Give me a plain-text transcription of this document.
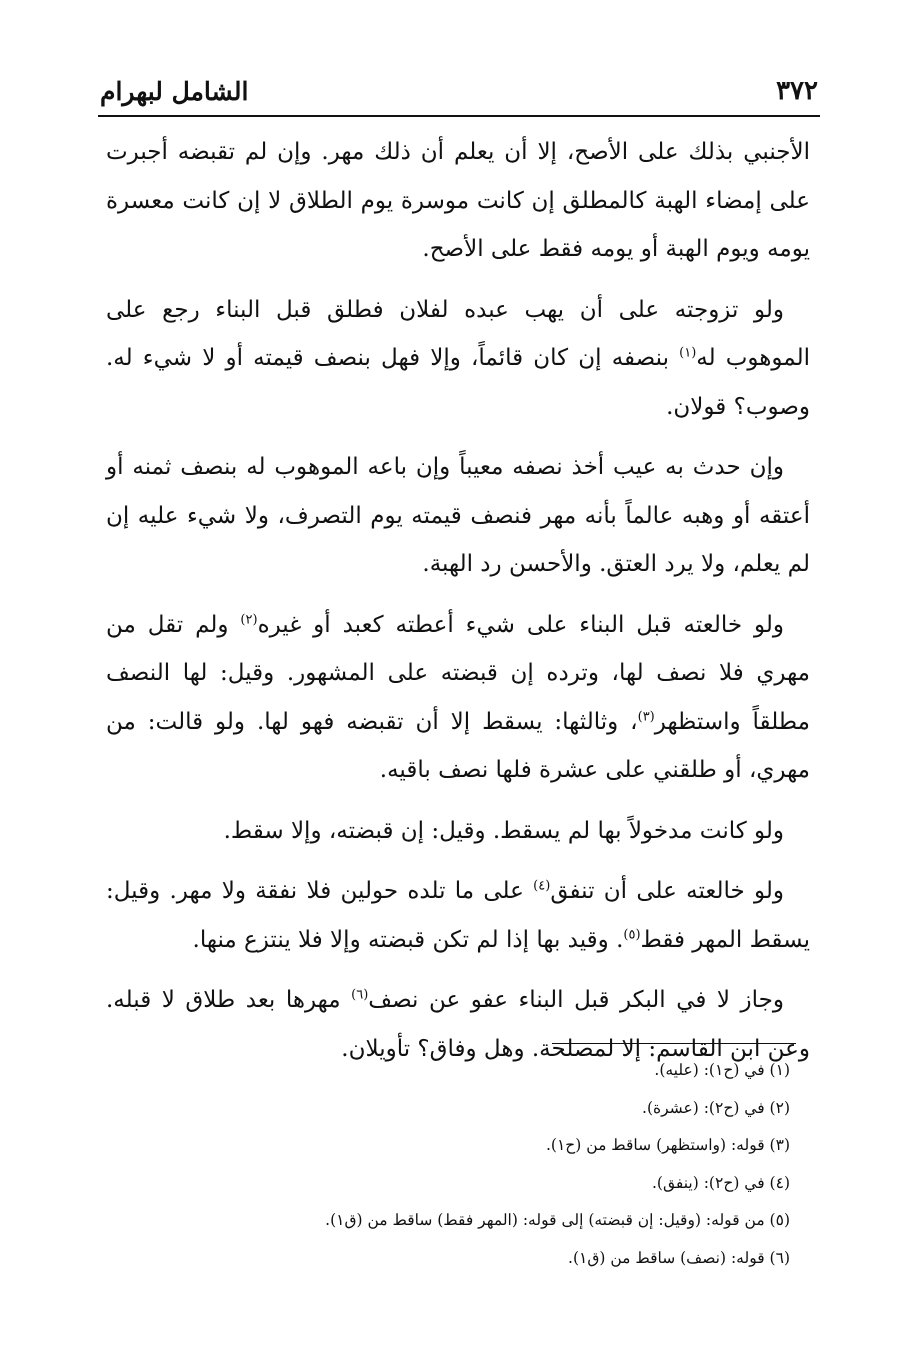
٣٧٢
الشامل لبهرام

الأجنبي بذلك على الأصح، إلا أن يعلم أن ذلك مهر. وإن لم تقبضه أجبرت على إمضاء الهبة كالمطلق إن كانت موسرة يوم الطلاق لا إن كانت معسرة يومه ويوم الهبة أو يومه فقط على الأصح.

ولو تزوجته على أن يهب عبده لفلان فطلق قبل البناء رجع على الموهوب له$^{(١)}$ بنصفه إن كان قائماً، وإلا فهل بنصف قيمته أو لا شيء له. وصوب؟ قولان.

وإن حدث به عيب أخذ نصفه معيباً وإن باعه الموهوب له بنصف ثمنه أو أعتقه أو وهبه عالماً بأنه مهر فنصف قيمته يوم التصرف، ولا شيء عليه إن لم يعلم، ولا يرد العتق. والأحسن رد الهبة.

ولو خالعته قبل البناء على شيء أعطته كعبد أو غيره$^{(٢)}$ ولم تقل من مهري فلا نصف لها، وترده إن قبضته على المشهور. وقيل: لها النصف مطلقاً واستظهر$^{(٣)}$، وثالثها: يسقط إلا أن تقبضه فهو لها. ولو قالت: من مهري، أو طلقني على عشرة فلها نصف باقيه.

ولو كانت مدخولاً بها لم يسقط. وقيل: إن قبضته، وإلا سقط.

ولو خالعته على أن تنفق$^{(٤)}$ على ما تلده حولين فلا نفقة ولا مهر. وقيل: يسقط المهر فقط$^{(٥)}$. وقيد بها إذا لم تكن قبضته وإلا فلا ينتزع منها.

وجاز لا في البكر قبل البناء عفو عن نصف$^{(٦)}$ مهرها بعد طلاق لا قبله. وعن ابن القاسم: إلا لمصلحة. وهل وفاق؟ تأويلان.

(١) في (ح١): (عليه).

(٢) في (ح٢): (عشرة).

(٣) قوله: (واستظهر) ساقط من (ح١).

(٤) في (ح٢): (ينفق).

(٥) من قوله: (وقيل: إن قبضته) إلى قوله: (المهر فقط) ساقط من (ق١).

(٦) قوله: (نصف) ساقط من (ق١).
